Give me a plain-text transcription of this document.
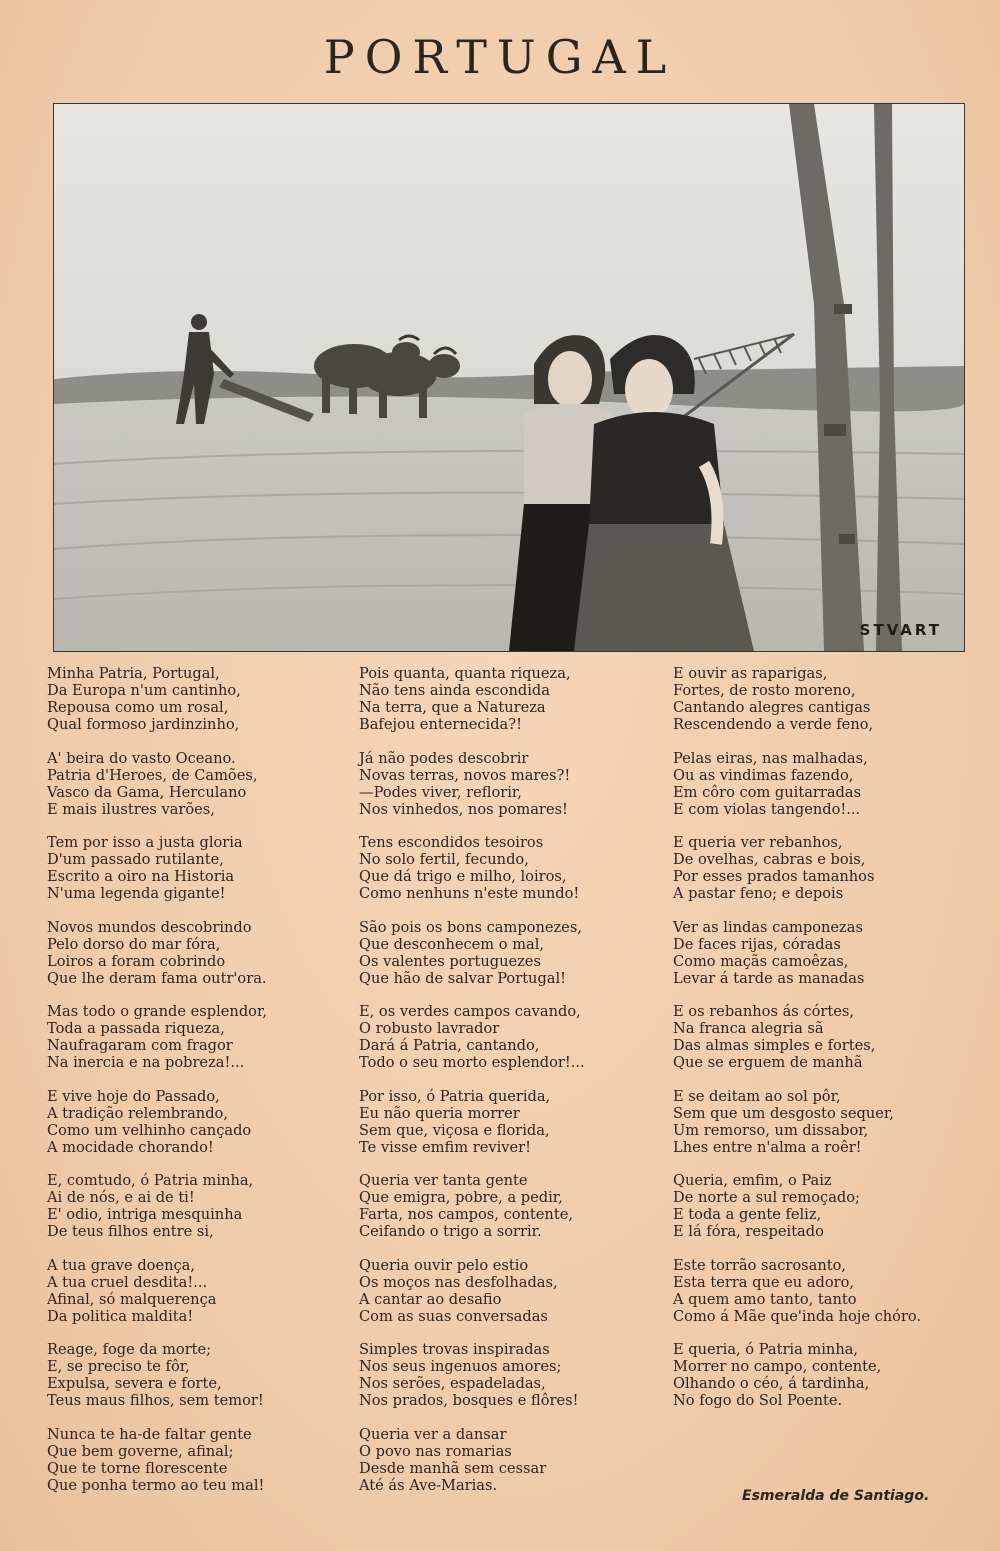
PORTUGAL
STVART
Minha Patria, Portugal,
Da Europa n'um cantinho,
Repousa como um rosal,
Qual formoso jardinzinho,
A' beira do vasto Oceano.
Patria d'Heroes, de Camões,
Vasco da Gama, Herculano
E mais ilustres varões,
Tem por isso a justa gloria
D'um passado rutilante,
Escrito a oiro na Historia
N'uma legenda gigante!
Novos mundos descobrindo
Pelo dorso do mar fóra,
Loiros a foram cobrindo
Que lhe deram fama outr'ora.
Mas todo o grande esplendor,
Toda a passada riqueza,
Naufragaram com fragor
Na inercia e na pobreza!...
E vive hoje do Passado,
A tradição relembrando,
Como um velhinho cançado
A mocidade chorando!
E, comtudo, ó Patria minha,
Ai de nós, e ai de ti!
E' odio, intriga mesquinha
De teus filhos entre si,
A tua grave doença,
A tua cruel desdita!...
Afinal, só malquerença
Da politica maldita!
Reage, foge da morte;
E, se preciso te fôr,
Expulsa, severa e forte,
Teus maus filhos, sem temor!
Nunca te ha-de faltar gente
Que bem governe, afinal;
Que te torne florescente
Que ponha termo ao teu mal!
Pois quanta, quanta riqueza,
Não tens ainda escondida
Na terra, que a Natureza
Bafejou enternecida?!
Já não podes descobrir
Novas terras, novos mares?!
—Podes viver, reflorir,
Nos vinhedos, nos pomares!
Tens escondidos tesoiros
No solo fertil, fecundo,
Que dá trigo e milho, loiros,
Como nenhuns n'este mundo!
São pois os bons camponezes,
Que desconhecem o mal,
Os valentes portuguezes
Que hão de salvar Portugal!
E, os verdes campos cavando,
O robusto lavrador
Dará á Patria, cantando,
Todo o seu morto esplendor!...
Por isso, ó Patria querida,
Eu não queria morrer
Sem que, viçosa e florida,
Te visse emfim reviver!
Queria ver tanta gente
Que emigra, pobre, a pedir,
Farta, nos campos, contente,
Ceifando o trigo a sorrir.
Queria ouvir pelo estio
Os moços nas desfolhadas,
A cantar ao desafio
Com as suas conversadas
Simples trovas inspiradas
Nos seus ingenuos amores;
Nos serões, espadeladas,
Nos prados, bosques e flôres!
Queria ver a dansar
O povo nas romarias
Desde manhã sem cessar
Até ás Ave-Marias.
E ouvir as raparigas,
Fortes, de rosto moreno,
Cantando alegres cantigas
Rescendendo a verde feno,
Pelas eiras, nas malhadas,
Ou as vindimas fazendo,
Em côro com guitarradas
E com violas tangendo!...
E queria ver rebanhos,
De ovelhas, cabras e bois,
Por esses prados tamanhos
A pastar feno; e depois
Ver as lindas camponezas
De faces rijas, córadas
Como maçãs camoêzas,
Levar á tarde as manadas
E os rebanhos ás córtes,
Na franca alegria sã
Das almas simples e fortes,
Que se erguem de manhã
E se deitam ao sol pôr,
Sem que um desgosto sequer,
Um remorso, um dissabor,
Lhes entre n'alma a roêr!
Queria, emfim, o Paiz
De norte a sul remoçado;
E toda a gente feliz,
E lá fóra, respeitado
Este torrão sacrosanto,
Esta terra que eu adoro,
A quem amo tanto, tanto
Como á Mãe que'inda hoje chóro.
E queria, ó Patria minha,
Morrer no campo, contente,
Olhando o céo, á tardinha,
No fogo do Sol Poente.
Esmeralda de Santiago.
